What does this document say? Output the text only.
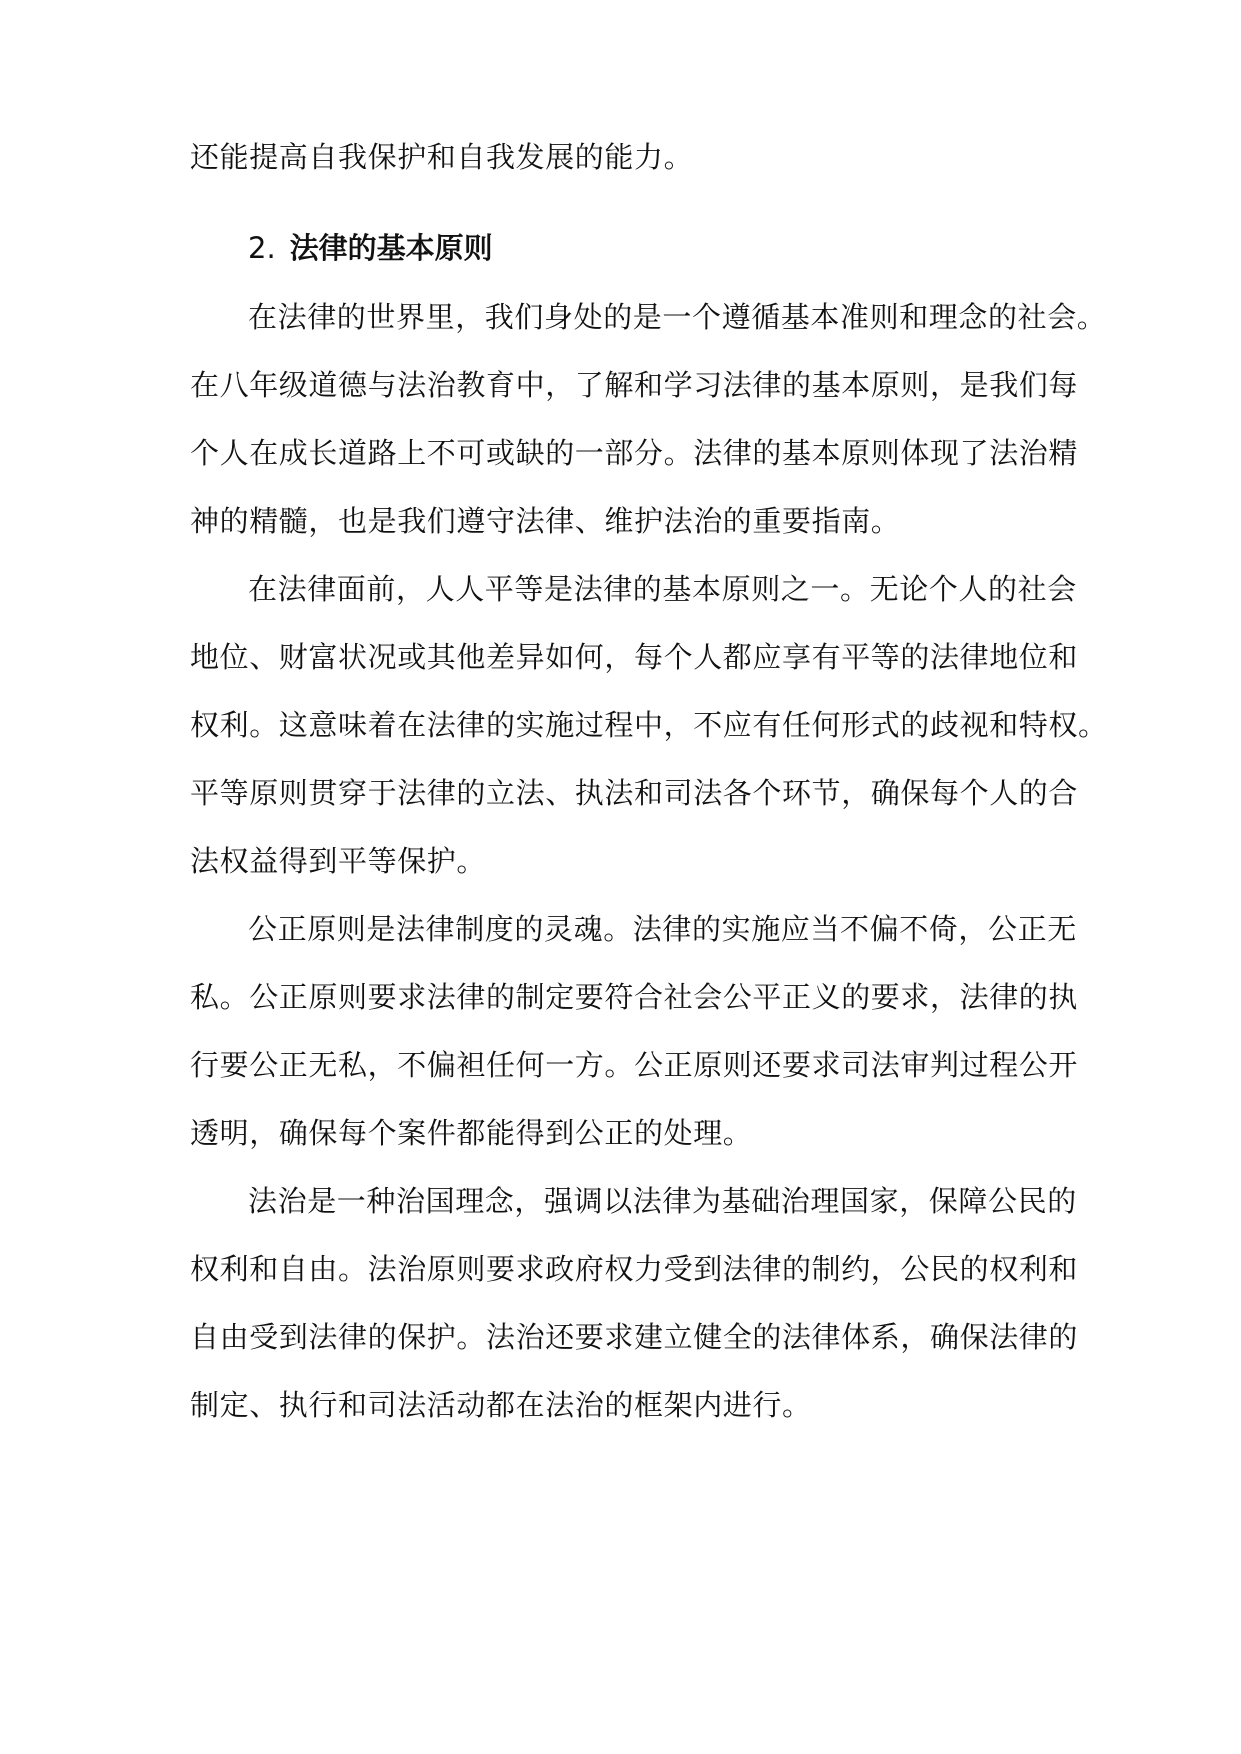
还能提高自我保护和自我发展的能力。
2. 法律的基本原则
在法律的世界里，我们身处的是一个遵循基本准则和理念的社会。
在八年级道德与法治教育中，了解和学习法律的基本原则，是我们每
个人在成长道路上不可或缺的一部分。法律的基本原则体现了法治精
神的精髓，也是我们遵守法律、维护法治的重要指南。
在法律面前，人人平等是法律的基本原则之一。无论个人的社会
地位、财富状况或其他差异如何，每个人都应享有平等的法律地位和
权利。这意味着在法律的实施过程中，不应有任何形式的歧视和特权。
平等原则贯穿于法律的立法、执法和司法各个环节，确保每个人的合
法权益得到平等保护。
公正原则是法律制度的灵魂。法律的实施应当不偏不倚，公正无
私。公正原则要求法律的制定要符合社会公平正义的要求，法律的执
行要公正无私，不偏袒任何一方。公正原则还要求司法审判过程公开
透明，确保每个案件都能得到公正的处理。
法治是一种治国理念，强调以法律为基础治理国家，保障公民的
权利和自由。法治原则要求政府权力受到法律的制约，公民的权利和
自由受到法律的保护。法治还要求建立健全的法律体系，确保法律的
制定、执行和司法活动都在法治的框架内进行。
